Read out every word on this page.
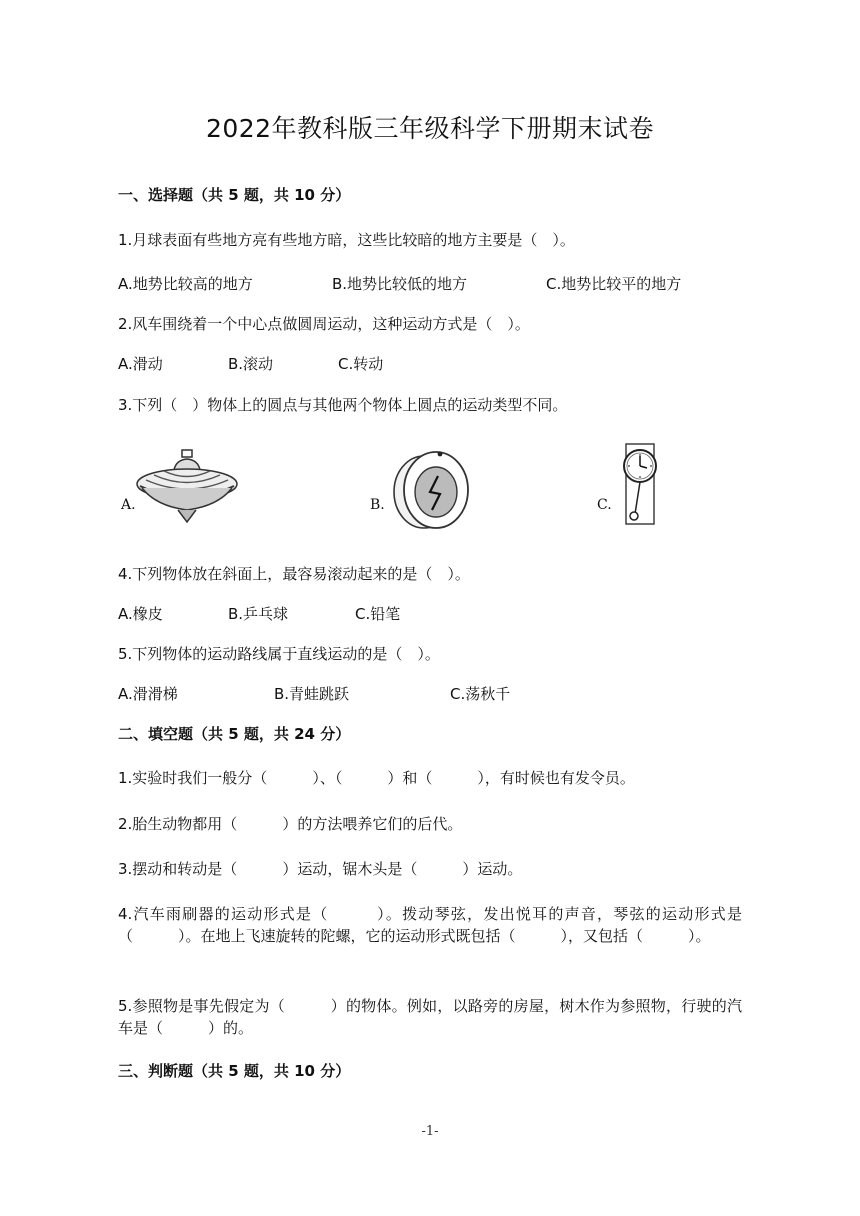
2022年教科版三年级科学下册期末试卷
一、选择题（共 5 题，共 10 分）
1.月球表面有些地方亮有些地方暗，这些比较暗的地方主要是（　）。
A.地势比较高的地方	B.地势比较低的地方	C.地势比较平的地方
2.风车围绕着一个中心点做圆周运动，这种运动方式是（　）。
A.滑动	B.滚动	C.转动
3.下列（　）物体上的圆点与其他两个物体上圆点的运动类型不同。
A.	B.	C.
4.下列物体放在斜面上，最容易滚动起来的是（　）。
A.橡皮	B.乒乓球	C.铅笔
5.下列物体的运动路线属于直线运动的是（　）。
A.滑滑梯	B.青蛙跳跃	C.荡秋千
二、填空题（共 5 题，共 24 分）
1.实验时我们一般分（　　　）、（　　　）和（　　　），有时候也有发令员。
2.胎生动物都用（　　　）的方法喂养它们的后代。
3.摆动和转动是（　　　）运动，锯木头是（　　　）运动。
4.汽车雨刷器的运动形式是（　　　）。拨动琴弦，发出悦耳的声音，琴弦的运动形式是（　　　）。在地上飞速旋转的陀螺，它的运动形式既包括（　　　），又包括（　　　）。
5.参照物是事先假定为（　　　）的物体。例如，以路旁的房屋，树木作为参照物，行驶的汽车是（　　　）的。
三、判断题（共 5 题，共 10 分）
-1-
